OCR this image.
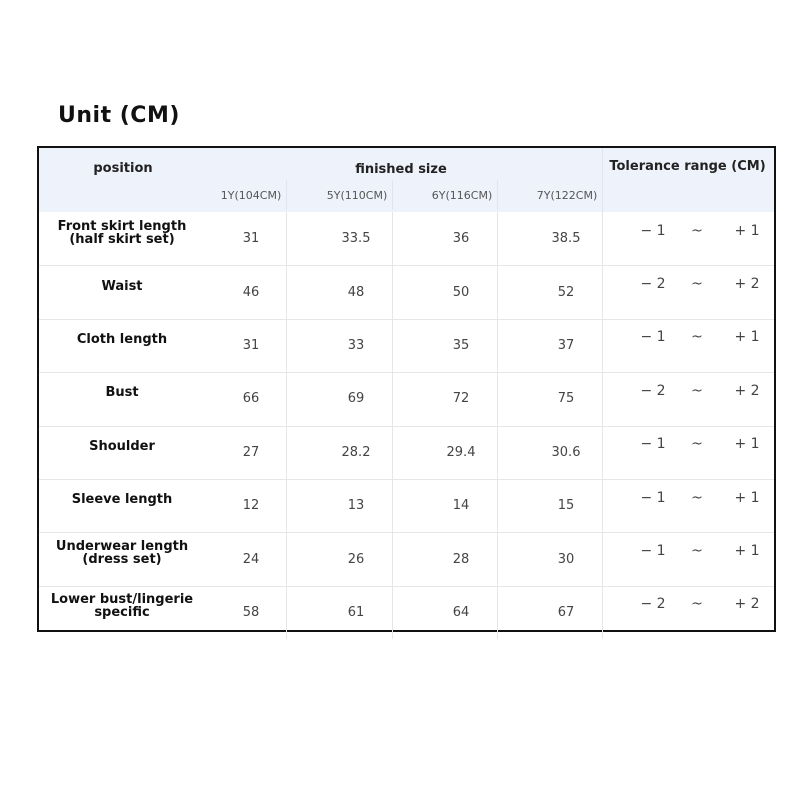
Unit (CM)
position	finished size	Tolerance range (CM)
1Y(104CM)	5Y(110CM)	6Y(116CM)	7Y(122CM)
Front skirt length
(half skirt set)	31	33.5	36	38.5	− 1	~	+ 1
Waist	46	48	50	52	− 2	~	+ 2
Cloth length	31	33	35	37	− 1	~	+ 1
Bust	66	69	72	75	− 2	~	+ 2
Shoulder	27	28.2	29.4	30.6	− 1	~	+ 1
Sleeve length	12	13	14	15	− 1	~	+ 1
Underwear length
(dress set)	24	26	28	30	− 1	~	+ 1
Lower bust/lingerie
specific	58	61	64	67	− 2	~	+ 2
